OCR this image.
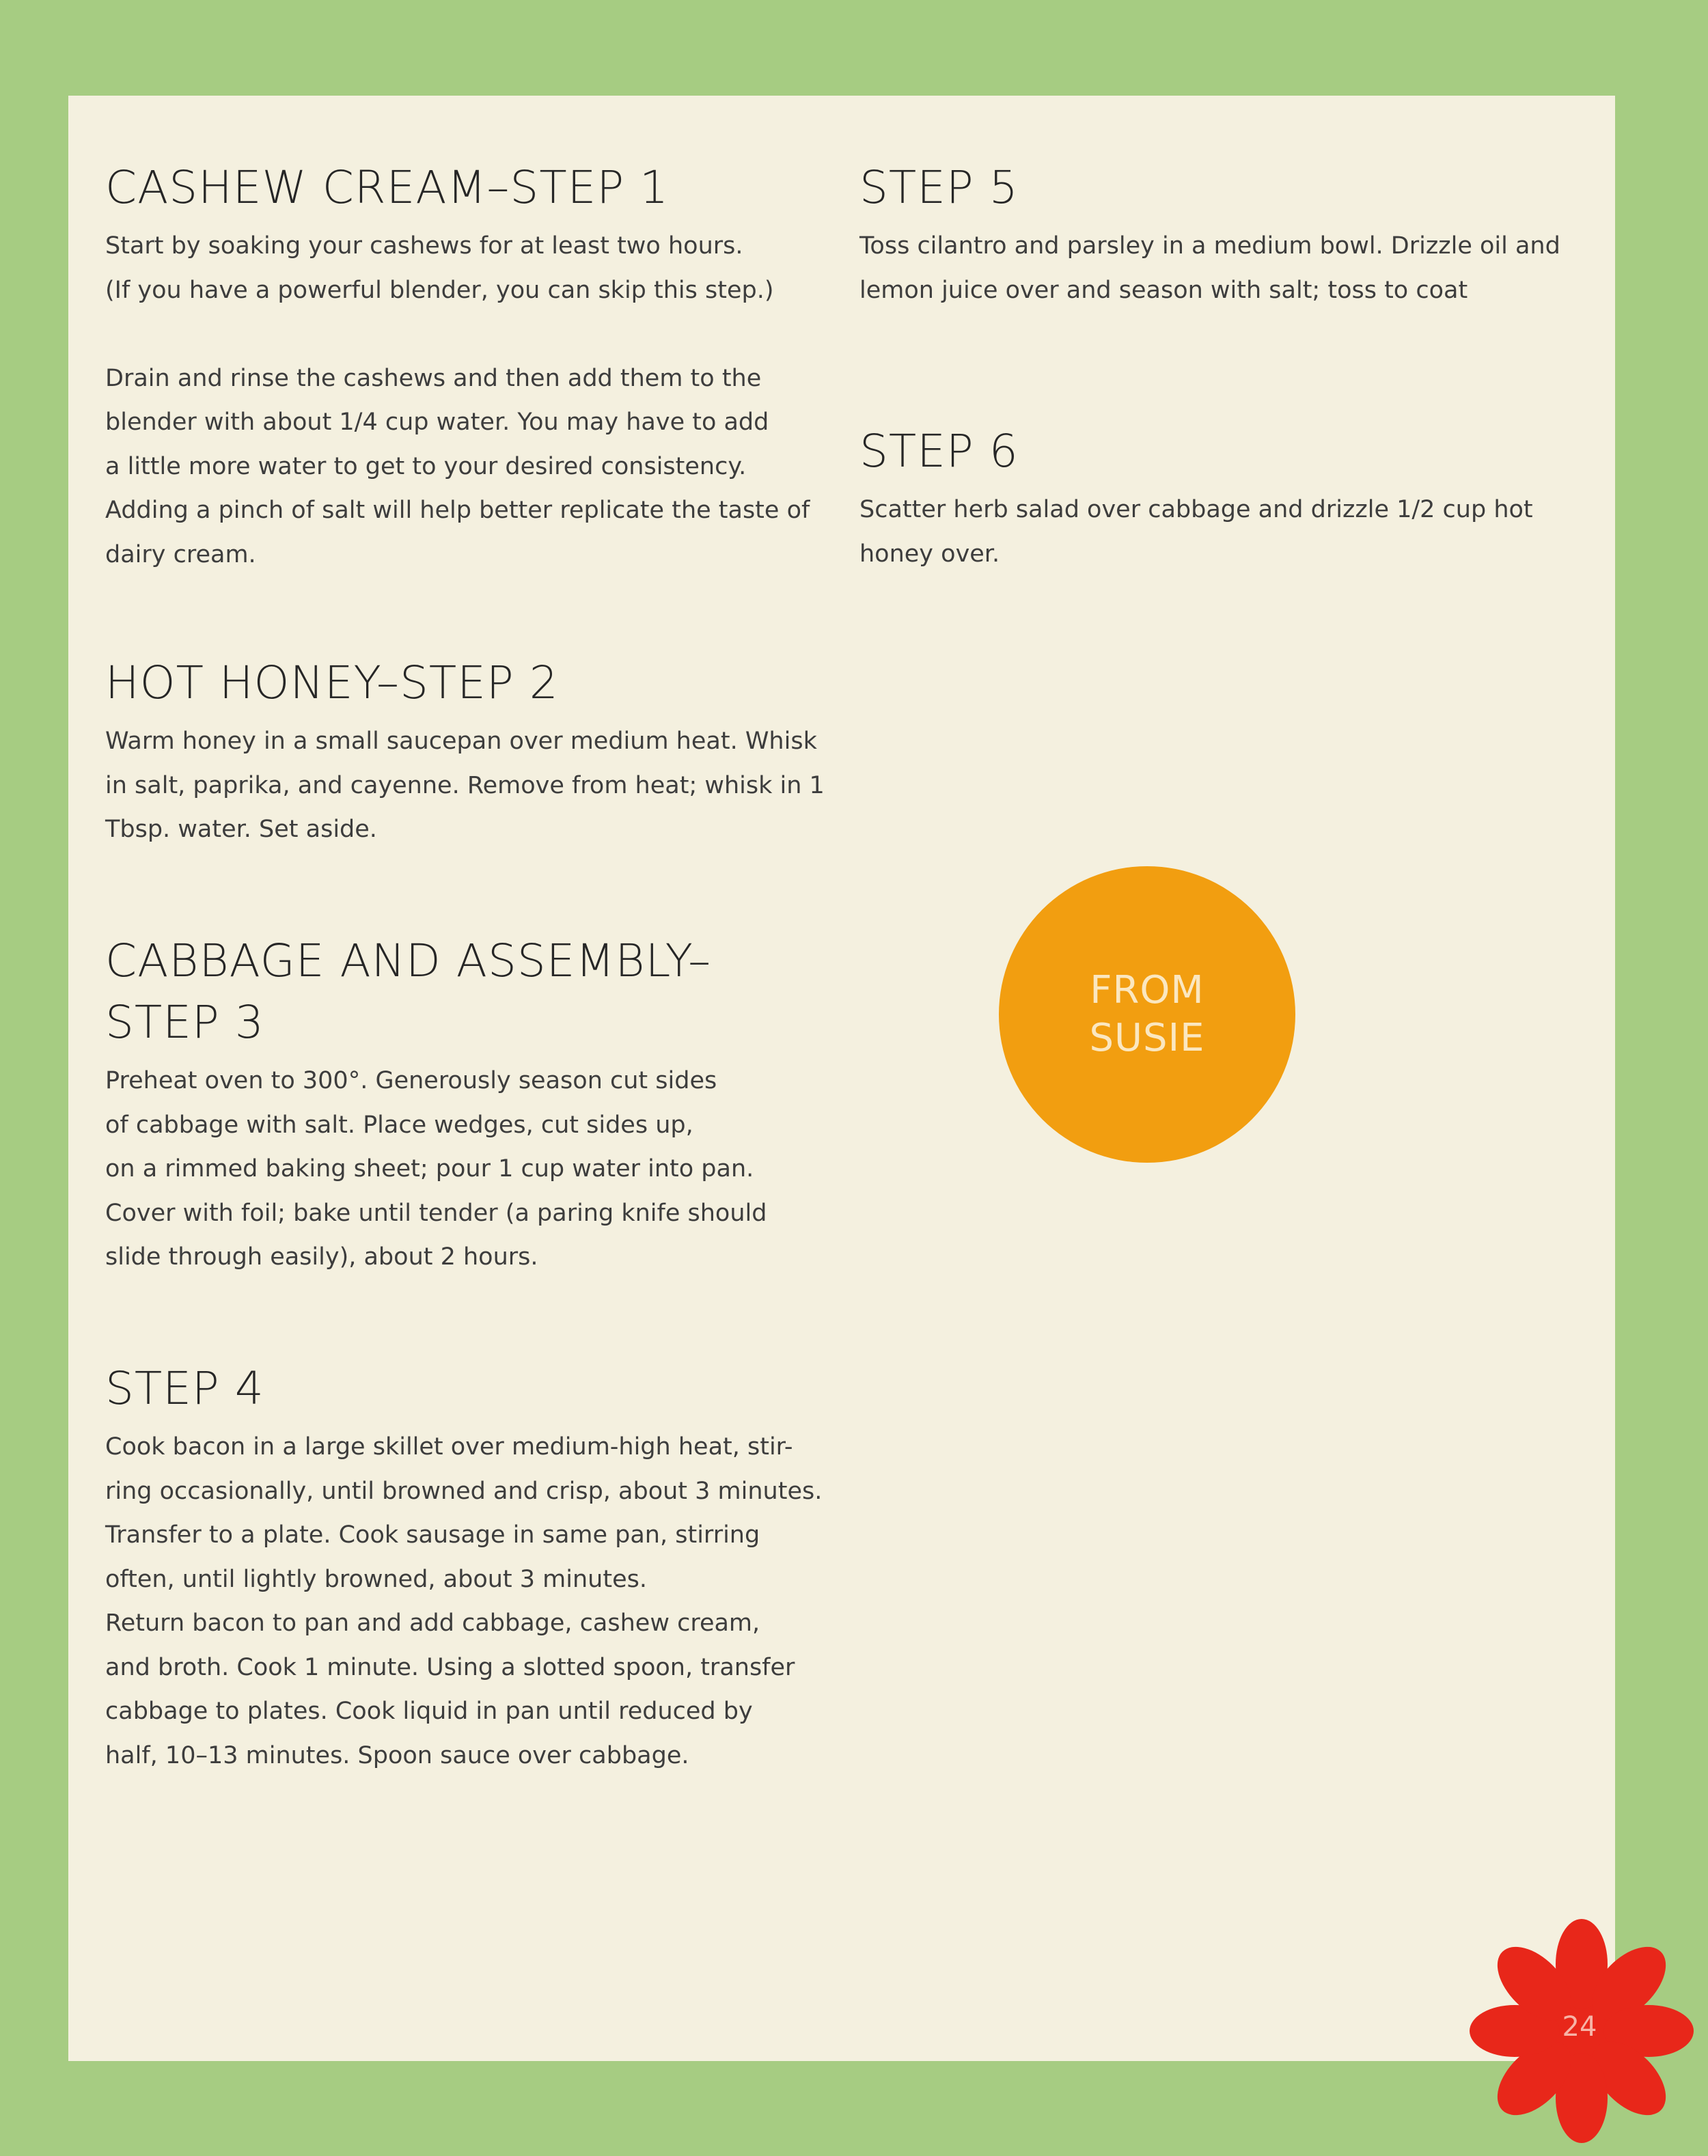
CASHEW CREAM–STEP 1

Start by soaking your cashews for at least two hours.
(If you have a powerful blender, you can skip this step.)

Drain and rinse the cashews and then add them to the
blender with about 1/4 cup water. You may have to add
a little more water to get to your desired consistency.
Adding a pinch of salt will help better replicate the taste of
dairy cream.

HOT HONEY–STEP 2

Warm honey in a small saucepan over medium heat. Whisk
in salt, paprika, and cayenne. Remove from heat; whisk in 1
Tbsp. water. Set aside.

CABBAGE AND ASSEMBLY–
STEP 3

Preheat oven to 300°. Generously season cut sides
of cabbage with salt. Place wedges, cut sides up,
on a rimmed baking sheet; pour 1 cup water into pan.
Cover with foil; bake until tender (a paring knife should
slide through easily), about 2 hours.

STEP 4

Cook bacon in a large skillet over medium-high heat, stir-
ring occasionally, until browned and crisp, about 3 minutes.
Transfer to a plate. Cook sausage in same pan, stirring
often, until lightly browned, about 3 minutes.
Return bacon to pan and add cabbage, cashew cream,
and broth. Cook 1 minute. Using a slotted spoon, transfer
cabbage to plates. Cook liquid in pan until reduced by
half, 10–13 minutes. Spoon sauce over cabbage.

STEP 5

Toss cilantro and parsley in a medium bowl. Drizzle oil and
lemon juice over and season with salt; toss to coat

STEP 6

Scatter herb salad over cabbage and drizzle 1/2 cup hot
honey over.

FROM
SUSIE
24
